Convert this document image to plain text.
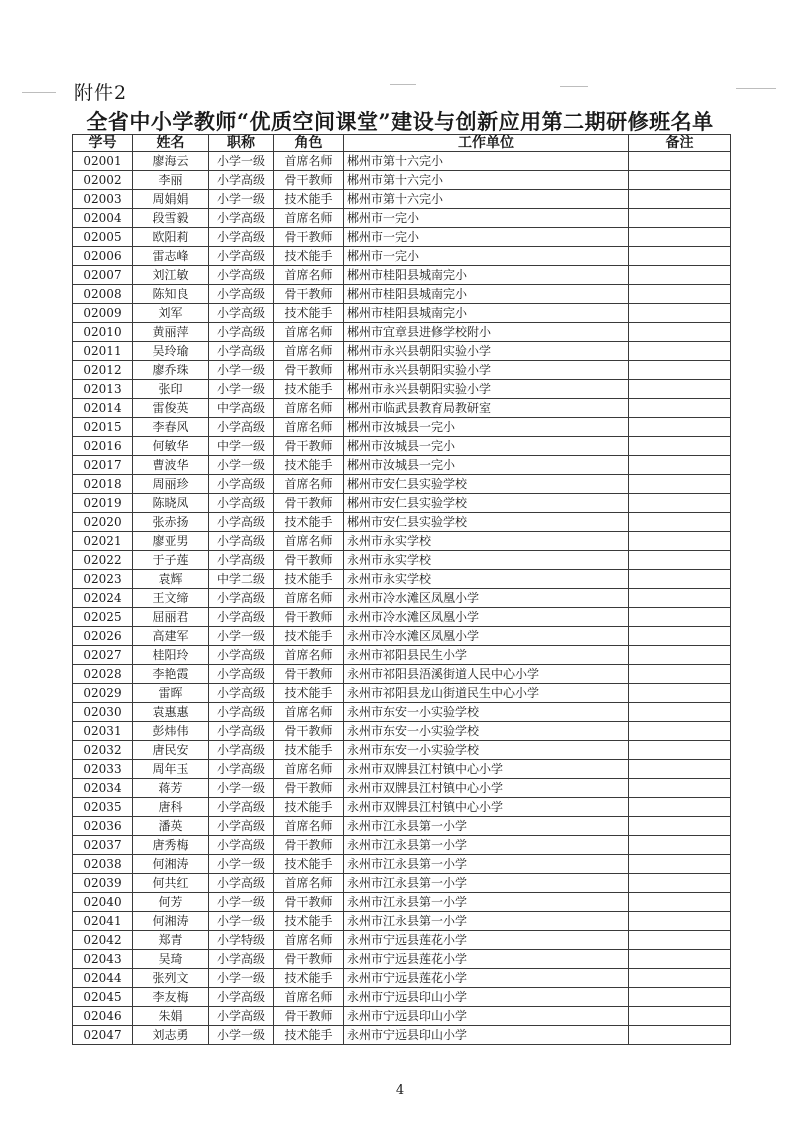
附件2
全省中小学教师“优质空间课堂”建设与创新应用第二期研修班名单
学号	姓名	职称	角色	工作单位	备注
02001	廖海云	小学一级	首席名师	郴州市第十六完小	
02002	李丽	小学高级	骨干教师	郴州市第十六完小	
02003	周娟娟	小学一级	技术能手	郴州市第十六完小	
02004	段雪毅	小学高级	首席名师	郴州市一完小	
02005	欧阳莉	小学高级	骨干教师	郴州市一完小	
02006	雷志峰	小学高级	技术能手	郴州市一完小	
02007	刘江敏	小学高级	首席名师	郴州市桂阳县城南完小	
02008	陈知良	小学高级	骨干教师	郴州市桂阳县城南完小	
02009	刘军	小学高级	技术能手	郴州市桂阳县城南完小	
02010	黄丽萍	小学高级	首席名师	郴州市宜章县进修学校附小	
02011	吴玲瑜	小学高级	首席名师	郴州市永兴县朝阳实验小学	
02012	廖乔珠	小学一级	骨干教师	郴州市永兴县朝阳实验小学	
02013	张印	小学一级	技术能手	郴州市永兴县朝阳实验小学	
02014	雷俊英	中学高级	首席名师	郴州市临武县教育局教研室	
02015	李春风	小学高级	首席名师	郴州市汝城县一完小	
02016	何敏华	中学一级	骨干教师	郴州市汝城县一完小	
02017	曹波华	小学一级	技术能手	郴州市汝城县一完小	
02018	周丽珍	小学高级	首席名师	郴州市安仁县实验学校	
02019	陈晓凤	小学高级	骨干教师	郴州市安仁县实验学校	
02020	张赤扬	小学高级	技术能手	郴州市安仁县实验学校	
02021	廖亚男	小学高级	首席名师	永州市永实学校	
02022	于子莲	小学高级	骨干教师	永州市永实学校	
02023	袁辉	中学二级	技术能手	永州市永实学校	
02024	王文缔	小学高级	首席名师	永州市冷水滩区凤凰小学	
02025	屈丽君	小学高级	骨干教师	永州市冷水滩区凤凰小学	
02026	高建军	小学一级	技术能手	永州市冷水滩区凤凰小学	
02027	桂阳玲	小学高级	首席名师	永州市祁阳县民生小学	
02028	李艳霞	小学高级	骨干教师	永州市祁阳县浯溪街道人民中心小学	
02029	雷晖	小学高级	技术能手	永州市祁阳县龙山街道民生中心小学	
02030	袁惠惠	小学高级	首席名师	永州市东安一小实验学校	
02031	彭炜伟	小学高级	骨干教师	永州市东安一小实验学校	
02032	唐民安	小学高级	技术能手	永州市东安一小实验学校	
02033	周年玉	小学高级	首席名师	永州市双牌县江村镇中心小学	
02034	蒋芳	小学一级	骨干教师	永州市双牌县江村镇中心小学	
02035	唐科	小学高级	技术能手	永州市双牌县江村镇中心小学	
02036	潘英	小学高级	首席名师	永州市江永县第一小学	
02037	唐秀梅	小学高级	骨干教师	永州市江永县第一小学	
02038	何湘涛	小学一级	技术能手	永州市江永县第一小学	
02039	何共红	小学高级	首席名师	永州市江永县第一小学	
02040	何芳	小学一级	骨干教师	永州市江永县第一小学	
02041	何湘涛	小学一级	技术能手	永州市江永县第一小学	
02042	郑青	小学特级	首席名师	永州市宁远县莲花小学	
02043	吴琦	小学高级	骨干教师	永州市宁远县莲花小学	
02044	张列文	小学一级	技术能手	永州市宁远县莲花小学	
02045	李友梅	小学高级	首席名师	永州市宁远县印山小学	
02046	朱娟	小学高级	骨干教师	永州市宁远县印山小学	
02047	刘志勇	小学一级	技术能手	永州市宁远县印山小学	
4
